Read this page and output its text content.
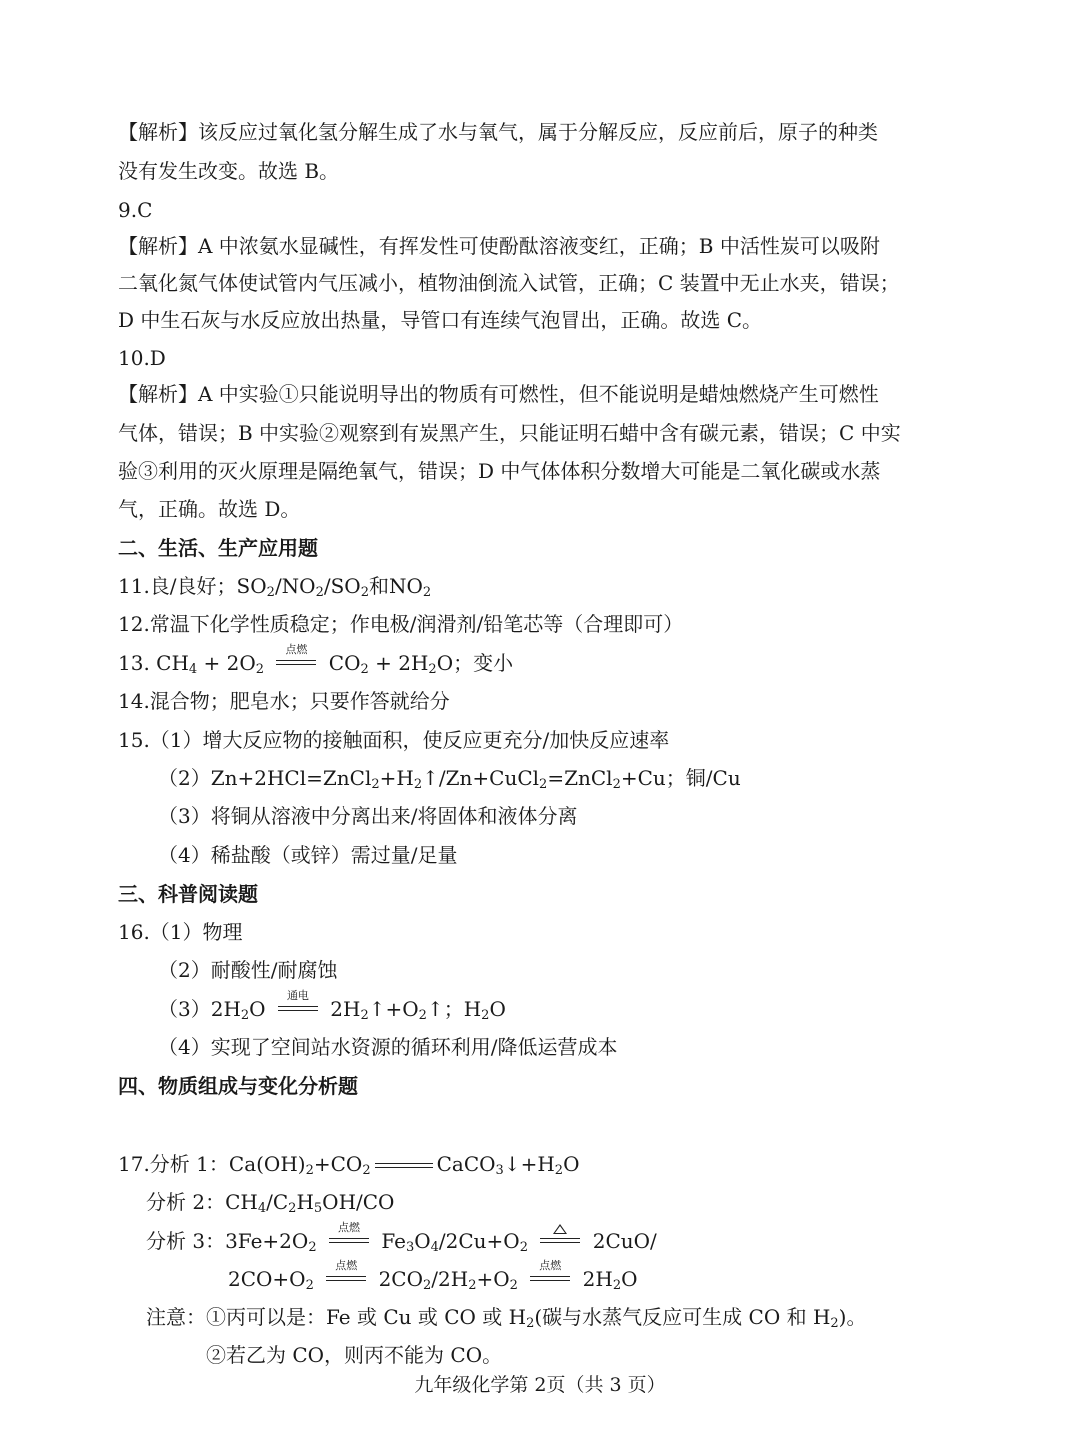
【解析】该反应过氧化氢分解生成了水与氧气，属于分解反应，反应前后，原子的种类
没有发生改变。故选 B。
9.C
【解析】A 中浓氨水显碱性，有挥发性可使酚酞溶液变红，正确；B 中活性炭可以吸附
二氧化氮气体使试管内气压减小，植物油倒流入试管，正确；C 装置中无止水夹，错误；
D 中生石灰与水反应放出热量，导管口有连续气泡冒出，正确。故选 C。
10.D
【解析】A 中实验①只能说明导出的物质有可燃性，但不能说明是蜡烛燃烧产生可燃性
气体，错误；B 中实验②观察到有炭黑产生，只能证明石蜡中含有碳元素，错误；C 中实
验③利用的灭火原理是隔绝氧气，错误；D 中气体体积分数增大可能是二氧化碳或水蒸
气，正确。故选 D。
二、生活、生产应用题
11.良/良好；$SO_2/NO_2/SO_2$和$NO_2$
12.常温下化学性质稳定；作电极/润滑剂/铅笔芯等（合理即可）
13. $CH_4 + 2O_2$
点燃
$CO_2 + 2H_2O$；变小
14.混合物；肥皂水；只要作答就给分
15.（1）增大反应物的接触面积，使反应更充分/加快反应速率
$(2)Zn+2HCl=ZnCl_2+H_2↑/Zn+CuCl_2=ZnCl_2+Cu$；铜/Cu
（3）将铜从溶液中分离出来/将固体和液体分离
（4）稀盐酸（或锌）需过量/足量
三、科普阅读题
16.（1）物理
（2）耐酸性/耐腐蚀
$(3)2H_2O$
通电
$2H_2↑+O_2↑$；$H_2O$
（4）实现了空间站水资源的循环利用/降低运营成本
四、物质组成与变化分析题
17.分析 1：$Ca(OH)_2+CO_2$	$CaCO_3↓+H_2O$
分析 2：$CH_4/C_2H_5OH/CO$
分析 3：$3Fe+2O_2$
点燃
$Fe_3O_4/2Cu+O_2$	2CuO/
$2CO+O_2$
点燃
$2CO_2/2H_2+O_2$
点燃
$2H_2O$
注意：①丙可以是：Fe 或 Cu 或 CO 或 $H_2$(碳与水蒸气反应可生成 CO 和 $H_2$)。
②若乙为 CO，则丙不能为 CO。
九年级化学第 2页（共 3 页）
